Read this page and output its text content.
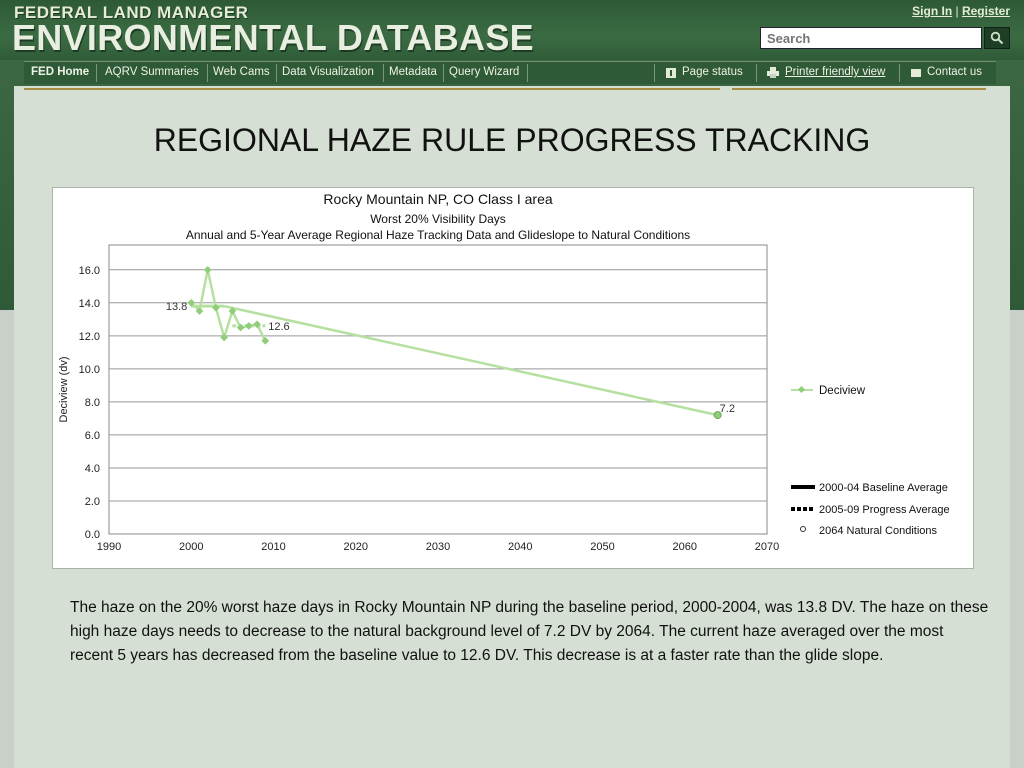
FEDERAL LAND MANAGER
ENVIRONMENTAL DATABASE
Sign In | Register
Search
FED Home AQRV Summaries Web Cams Data Visualization Metadata Query Wizard	Page status	Printer friendly view	Contact us
REGIONAL HAZE RULE PROGRESS TRACKING
Rocky Mountain NP, CO Class I area
Worst 20% Visibility Days
Annual and 5-Year Average Regional Haze Tracking Data and Glideslope to Natural Conditions
0.0
2.0
4.0
6.0
8.0
10.0
12.0
14.0
16.0
1990	2000	2010	2020	2030	2040	2050	2060	2070
Deciview (dv)
13.8
12.6
7.2
Deciview
2000-04 Baseline Average
2005-09 Progress Average
2064 Natural Conditions
The haze on the 20% worst haze days in Rocky Mountain NP during the baseline period, 2000-2004, was 13.8 DV. The haze on these high haze days needs to decrease to the natural background level of 7.2 DV by 2064. The current haze averaged over the most recent 5 years has decreased from the baseline value to 12.6 DV. This decrease is at a faster rate than the glide slope.
